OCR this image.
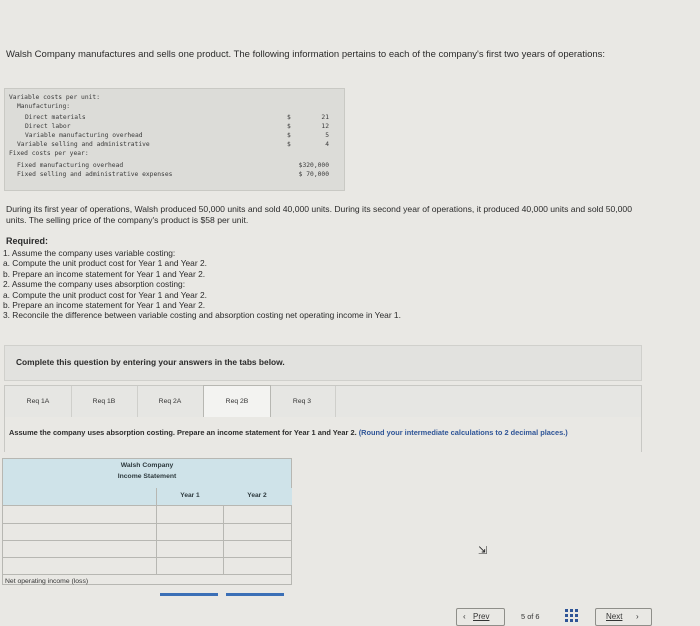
Walsh Company manufactures and sells one product. The following information pertains to each of the company's first two years of operations:
Variable costs per unit:
Manufacturing:
Direct materials	$	21
Direct labor	$	12
Variable manufacturing overhead	$	5
Variable selling and administrative	$	4
Fixed costs per year:
Fixed manufacturing overhead	$320,000
Fixed selling and administrative expenses	$ 70,000
During its first year of operations, Walsh produced 50,000 units and sold 40,000 units. During its second year of operations, it produced 40,000 units and sold 50,000 units. The selling price of the company's product is $58 per unit.
Required:
1. Assume the company uses variable costing:
a. Compute the unit product cost for Year 1 and Year 2.
b. Prepare an income statement for Year 1 and Year 2.
2. Assume the company uses absorption costing:
a. Compute the unit product cost for Year 1 and Year 2.
b. Prepare an income statement for Year 1 and Year 2.
3. Reconcile the difference between variable costing and absorption costing net operating income in Year 1.
Complete this question by entering your answers in the tabs below.
Req 1A	Req 1B	Req 2A	Req 2B	Req 3
Assume the company uses absorption costing. Prepare an income statement for Year 1 and Year 2. (Round your intermediate calculations to 2 decimal places.)
Walsh Company
Income Statement
Year 1	Year 2
Net operating income (loss)
⇲
‹ Prev	5 of 6	Next ›
